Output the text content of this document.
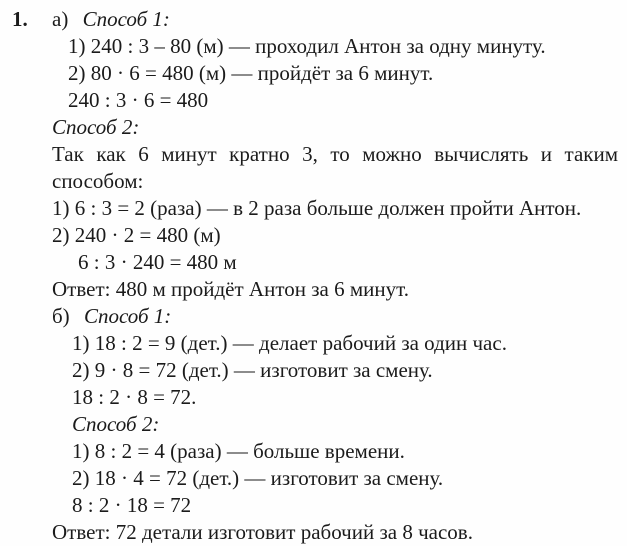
1. а) Способ 1:
1) 240 : 3 – 80 (м) — проходил Антон за одну минуту.
2) 80 · 6 = 480 (м) — пройдёт за 6 минут.
240 : 3 · 6 = 480
Способ 2:
Так как 6 минут кратно 3, то можно вычислять и таким
способом:
1) 6 : 3 = 2 (раза) — в 2 раза больше должен пройти Антон.
2) 240 · 2 = 480 (м)
6 : 3 · 240 = 480 м
Ответ: 480 м пройдёт Антон за 6 минут.
б) Способ 1:
1) 18 : 2 = 9 (дет.) — делает рабочий за один час.
2) 9 · 8 = 72 (дет.) — изготовит за смену.
18 : 2 · 8 = 72.
Способ 2:
1) 8 : 2 = 4 (раза) — больше времени.
2) 18 · 4 = 72 (дет.) — изготовит за смену.
8 : 2 · 18 = 72
Ответ: 72 детали изготовит рабочий за 8 часов.
